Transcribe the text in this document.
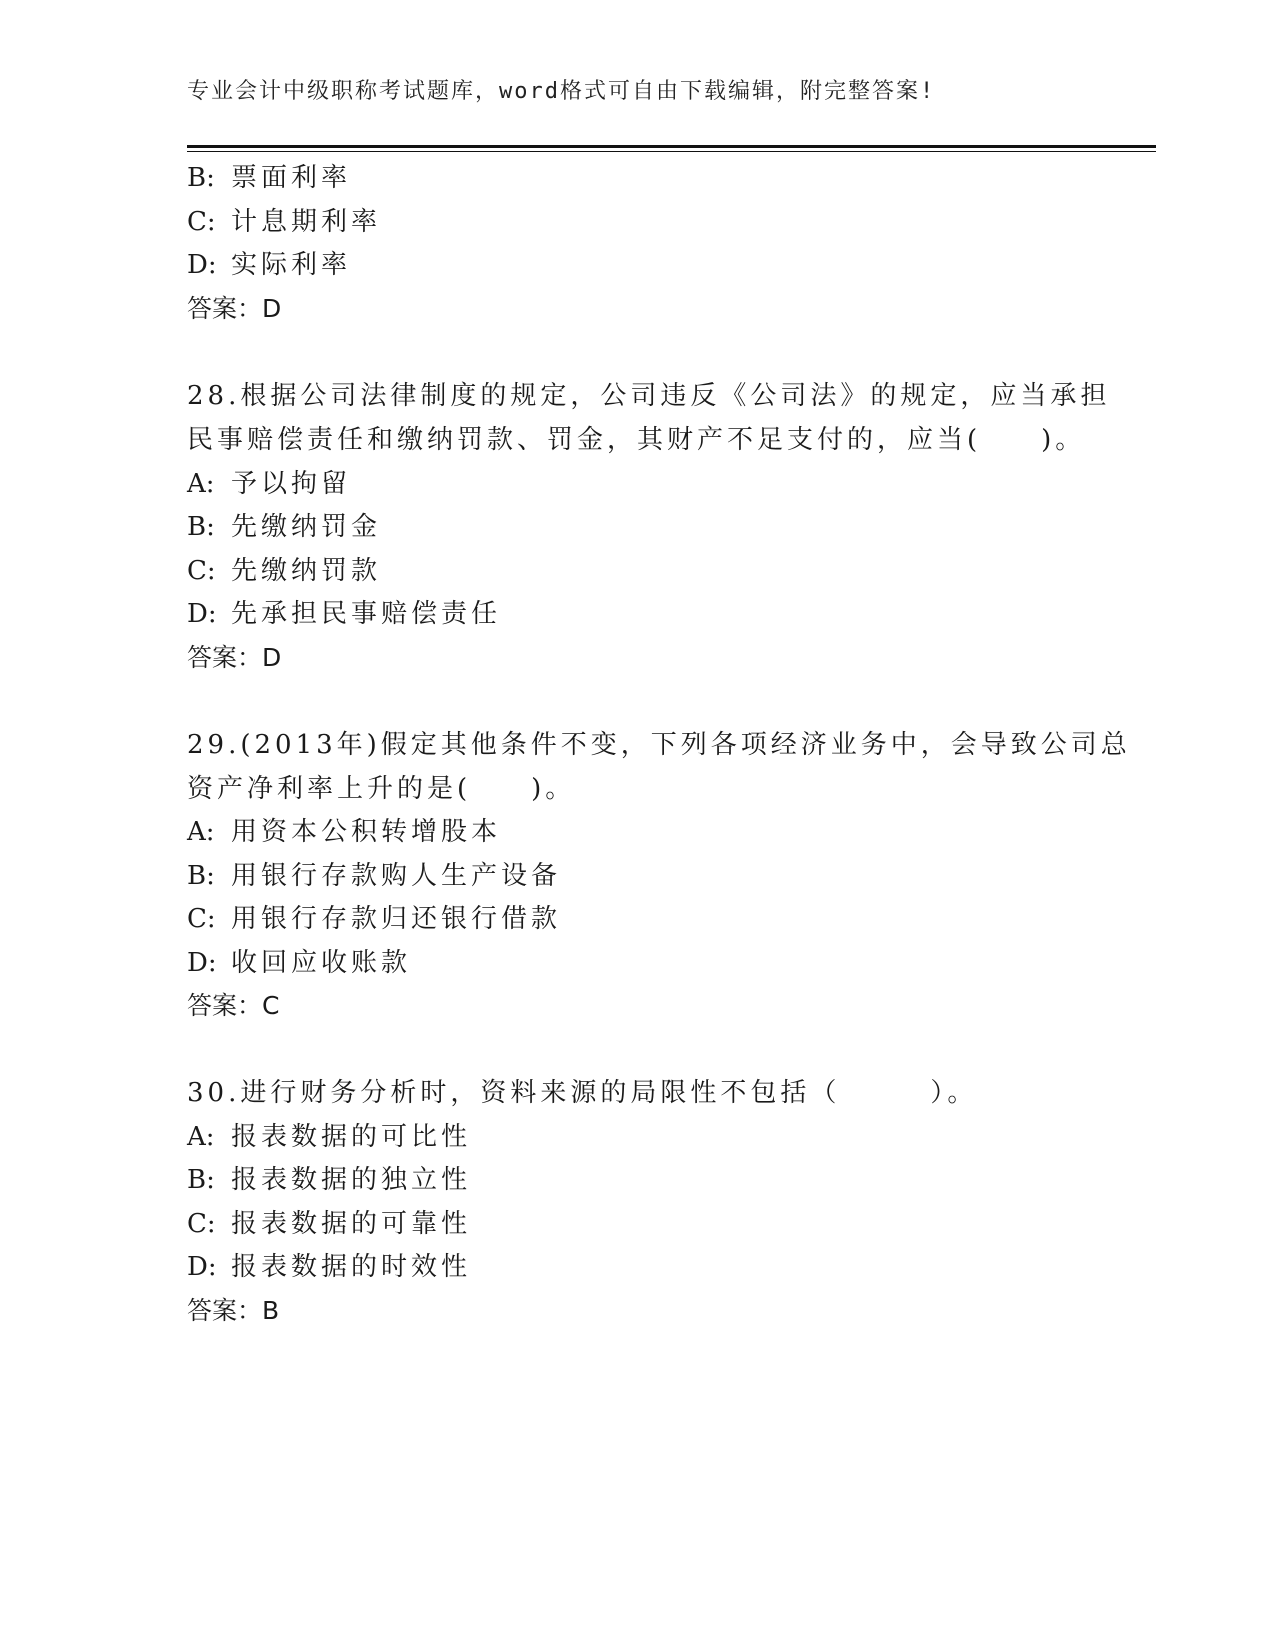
专业会计中级职称考试题库，word格式可自由下载编辑，附完整答案!
B: 票面利率
C: 计息期利率
D: 实际利率
答案：D
28.根据公司法律制度的规定，公司违反《公司法》的规定，应当承担
民事赔偿责任和缴纳罚款、罚金，其财产不足支付的，应当(　　)。
A: 予以拘留
B: 先缴纳罚金
C: 先缴纳罚款
D: 先承担民事赔偿责任
答案：D
29.(2013年)假定其他条件不变，下列各项经济业务中，会导致公司总
资产净利率上升的是(　　)。
A: 用资本公积转增股本
B: 用银行存款购人生产设备
C: 用银行存款归还银行借款
D: 收回应收账款
答案：C
30.进行财务分析时，资料来源的局限性不包括（　　　）。
A: 报表数据的可比性
B: 报表数据的独立性
C: 报表数据的可靠性
D: 报表数据的时效性
答案：B
